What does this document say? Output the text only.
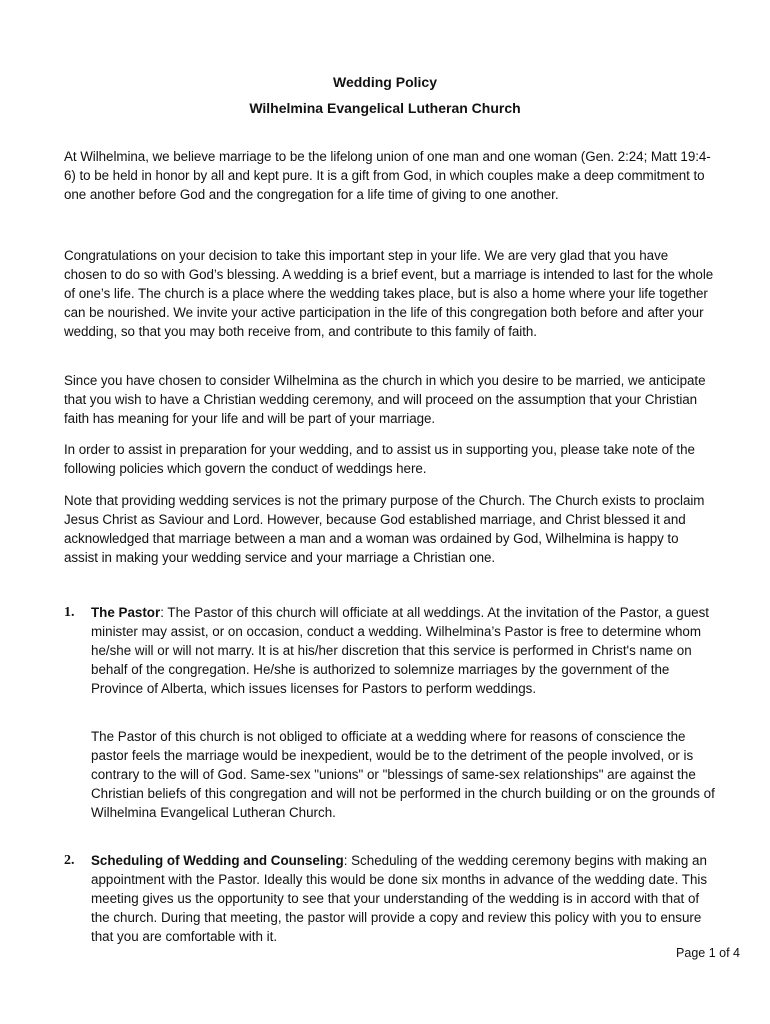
Wedding Policy
Wilhelmina Evangelical Lutheran Church

At Wilhelmina, we believe marriage to be the lifelong union of one man and one woman (Gen. 2:24; Matt 19:4-6) to be held in honor by all and kept pure. It is a gift from God, in which couples make a deep commitment to one another before God and the congregation for a life time of giving to one another.

Congratulations on your decision to take this important step in your life. We are very glad that you have chosen to do so with God’s blessing. A wedding is a brief event, but a marriage is intended to last for the whole of one’s life. The church is a place where the wedding takes place, but is also a home where your life together can be nourished. We invite your active participation in the life of this congregation both before and after your wedding, so that you may both receive from, and contribute to this family of faith.

Since you have chosen to consider Wilhelmina as the church in which you desire to be married, we anticipate that you wish to have a Christian wedding ceremony, and will proceed on the assumption that your Christian faith has meaning for your life and will be part of your marriage.

In order to assist in preparation for your wedding, and to assist us in supporting you, please take note of the following policies which govern the conduct of weddings here.

Note that providing wedding services is not the primary purpose of the Church. The Church exists to proclaim Jesus Christ as Saviour and Lord. However, because God established marriage, and Christ blessed it and acknowledged that marriage between a man and a woman was ordained by God, Wilhelmina is happy to assist in making your wedding service and your marriage a Christian one.

1. The Pastor: The Pastor of this church will officiate at all weddings. At the invitation of the Pastor, a guest minister may assist, or on occasion, conduct a wedding. Wilhelmina’s Pastor is free to determine whom he/she will or will not marry. It is at his/her discretion that this service is performed in Christ's name on behalf of the congregation. He/she is authorized to solemnize marriages by the government of the Province of Alberta, which issues licenses for Pastors to perform weddings.

The Pastor of this church is not obliged to officiate at a wedding where for reasons of conscience the pastor feels the marriage would be inexpedient, would be to the detriment of the people involved, or is contrary to the will of God. Same-sex "unions" or "blessings of same-sex relationships" are against the Christian beliefs of this congregation and will not be performed in the church building or on the grounds of Wilhelmina Evangelical Lutheran Church.

2. Scheduling of Wedding and Counseling: Scheduling of the wedding ceremony begins with making an appointment with the Pastor. Ideally this would be done six months in advance of the wedding date. This meeting gives us the opportunity to see that your understanding of the wedding is in accord with that of the church. During that meeting, the pastor will provide a copy and review this policy with you to ensure that you are comfortable with it.

Page 1 of 4
